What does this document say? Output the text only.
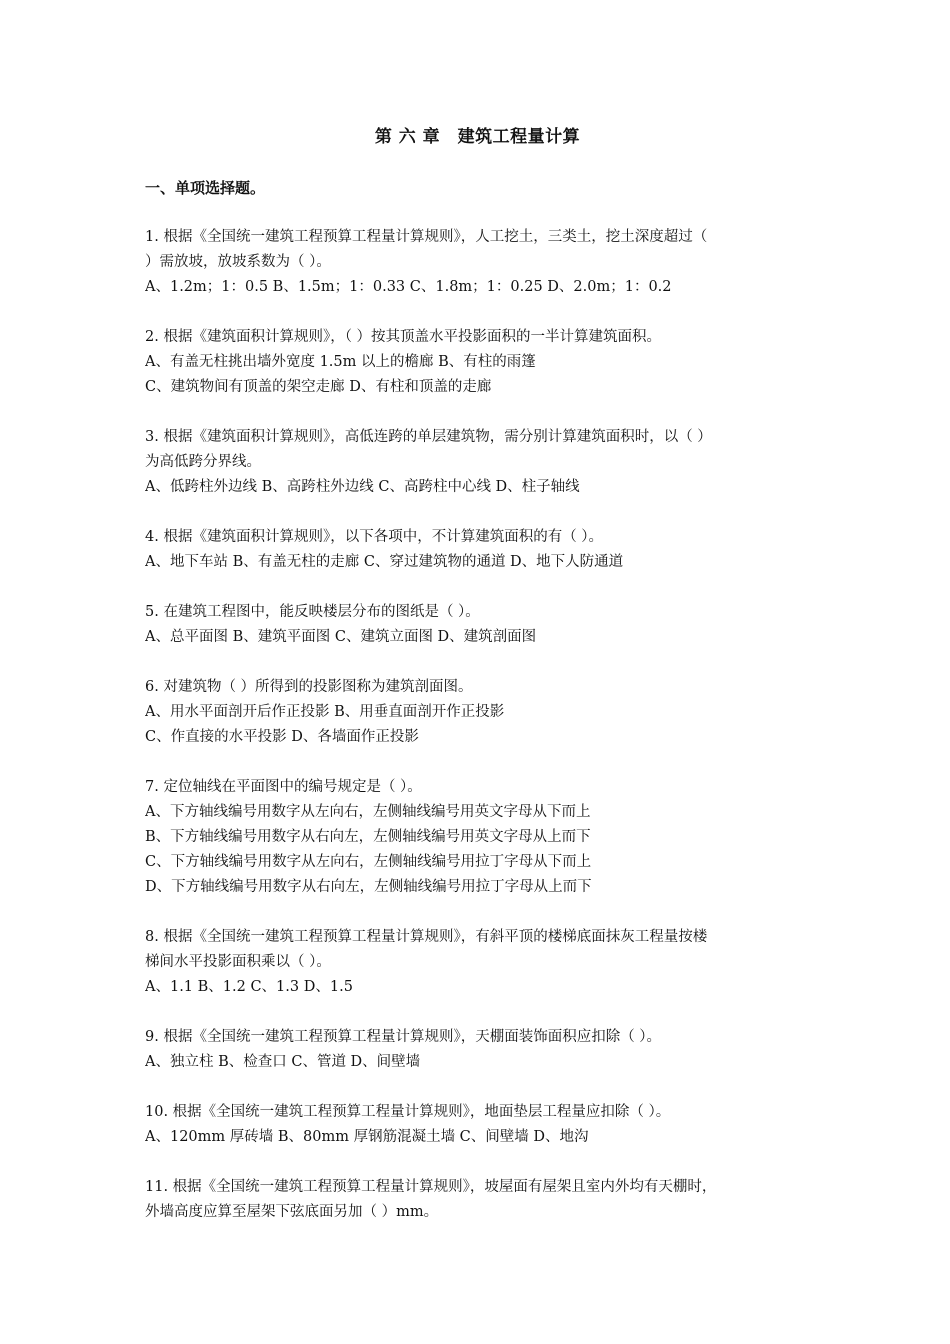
第 六 章　建筑工程量计算
一、单项选择题。
1. 根据《全国统一建筑工程预算工程量计算规则》，人工挖土，三类土，挖土深度超过（
）需放坡，放坡系数为（ ）。
A、1.2m；1：0.5 B、1.5m；1：0.33 C、1.8m；1：0.25 D、2.0m；1：0.2
2. 根据《建筑面积计算规则》，（ ）按其顶盖水平投影面积的一半计算建筑面积。
A、有盖无柱挑出墙外宽度 1.5m 以上的檐廊 B、有柱的雨篷
C、建筑物间有顶盖的架空走廊 D、有柱和顶盖的走廊
3. 根据《建筑面积计算规则》，高低连跨的单层建筑物，需分别计算建筑面积时，以（ ）
为高低跨分界线。
A、低跨柱外边线 B、高跨柱外边线 C、高跨柱中心线 D、柱子轴线
4. 根据《建筑面积计算规则》，以下各项中，不计算建筑面积的有（ ）。
A、地下车站 B、有盖无柱的走廊 C、穿过建筑物的通道 D、地下人防通道
5. 在建筑工程图中，能反映楼层分布的图纸是（ ）。
A、总平面图 B、建筑平面图 C、建筑立面图 D、建筑剖面图
6. 对建筑物（ ）所得到的投影图称为建筑剖面图。
A、用水平面剖开后作正投影 B、用垂直面剖开作正投影
C、作直接的水平投影 D、各墙面作正投影
7. 定位轴线在平面图中的编号规定是（ ）。
A、下方轴线编号用数字从左向右，左侧轴线编号用英文字母从下而上
B、下方轴线编号用数字从右向左，左侧轴线编号用英文字母从上而下
C、下方轴线编号用数字从左向右，左侧轴线编号用拉丁字母从下而上
D、下方轴线编号用数字从右向左，左侧轴线编号用拉丁字母从上而下
8. 根据《全国统一建筑工程预算工程量计算规则》，有斜平顶的楼梯底面抹灰工程量按楼
梯间水平投影面积乘以（ ）。
A、1.1 B、1.2 C、1.3 D、1.5
9. 根据《全国统一建筑工程预算工程量计算规则》，天棚面装饰面积应扣除（ ）。
A、独立柱 B、检查口 C、管道 D、间壁墙
10. 根据《全国统一建筑工程预算工程量计算规则》，地面垫层工程量应扣除（ ）。
A、120mm 厚砖墙 B、80mm 厚钢筋混凝土墙 C、间壁墙 D、地沟
11. 根据《全国统一建筑工程预算工程量计算规则》，坡屋面有屋架且室内外均有天棚时，
外墙高度应算至屋架下弦底面另加（ ）mm。
